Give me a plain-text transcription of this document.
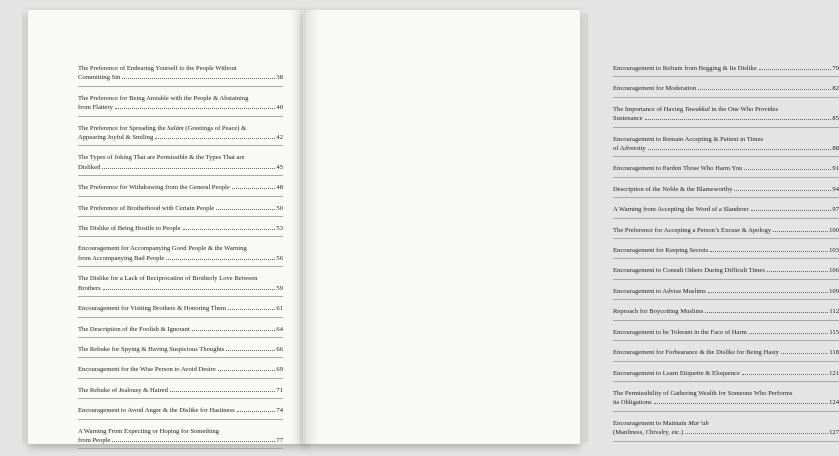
The Preference of Endearing Yourself to the People Without
Committing Sin	38
The Preference for Being Amiable with the People & Abstaining
from Flattery	40
The Preference for Spreading the Salām (Greetings of Peace) &
Appearing Joyful & Smiling	42
The Types of Joking That are Permissible & the Types That are
Disliked	45
The Preference for Withdrawing from the General People	48
The Preference of Brotherhood with Certain People	50
The Dislike of Being Hostile to People	53
Encouragement for Accompanying Good People & the Warning
from Accompanying Bad People	56
The Dislike for a Lack of Reciprocation of Brotherly Love Between
Brothers	59
Encouragement for Visiting Brothers & Honoring Them	61
The Description of the Foolish & Ignorant	64
The Rebuke for Spying & Having Suspicious Thoughts	66
Encouragement for the Wise Person to Avoid Desire	69
The Rebuke of Jealousy & Hatred	71
Encouragement to Avoid Anger & the Dislike for Hastiness	74
A Warning From Expecting or Hoping for Something
from People	77
Encouragement to Refrain from Begging & Its Dislike	79
Encouragement for Moderation	82
The Importance of Having Tawakkul in the One Who Provides
Sustenance	85
Encouragement to Remain Accepting & Patient in Times
of Adversity	88
Encouragement to Pardon Those Who Harm You	91
Description of the Noble & the Blameworthy	94
A Warning from Accepting the Word of a Slanderer	97
The Preference for Accepting a Person’s Excuse & Apology	100
Encouragement for Keeping Secrets	103
Encouragement to Consult Others During Difficult Times	106
Encouragement to Advise Muslims	109
Reproach for Boycotting Muslims	112
Encouragement to be Tolerant in the Face of Harm	115
Encouragement for Forbearance & the Dislike for Being Hasty	118
Encouragement to Learn Etiquette & Eloquence	121
The Permissibility of Gathering Wealth for Someone Who Performs
its Obligations	124
Encouragement to Maintain Mar’ah
(Manliness, Chivalry, etc.)	127
